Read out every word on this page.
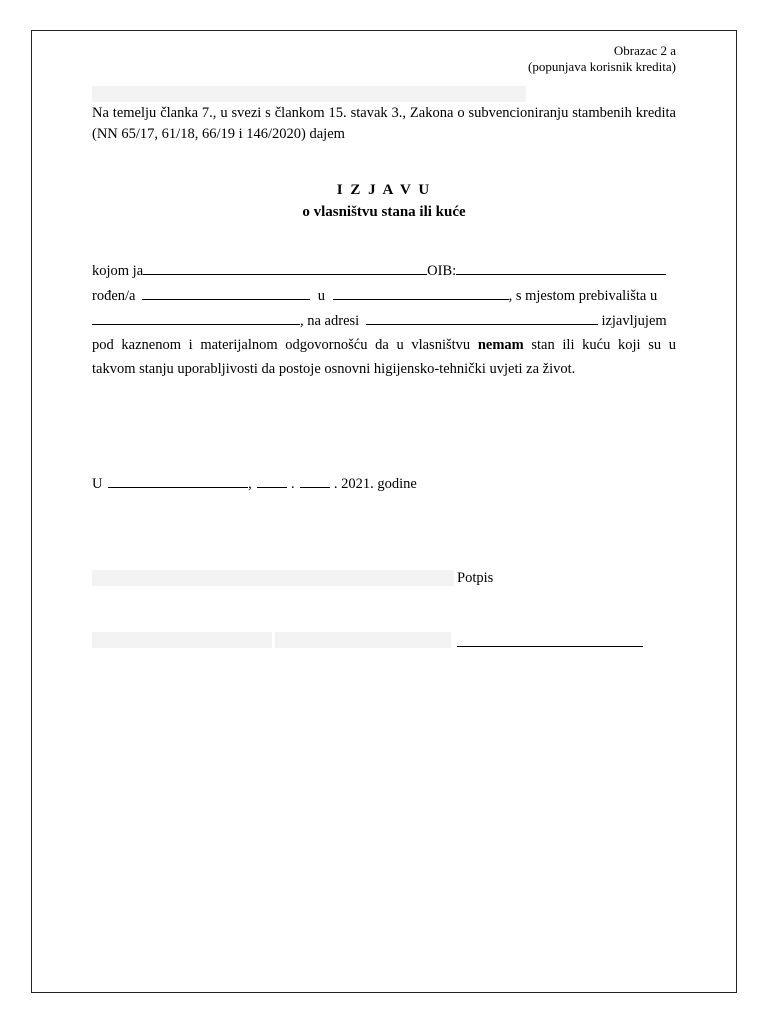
Obrazac 2 a
(popunjava korisnik kredita)
Na temelju članka 7., u svezi s člankom 15. stavak 3., Zakona o subvencioniranju stambenih kredita (NN 65/17, 61/18, 66/19 i 146/2020) dajem
I Z J A V U
o vlasništvu stana ili kuće
kojom ja	OIB:
rođen/a	u	, s mjestom prebivališta u
, na adresi	izjavljujem
pod kaznenom i materijalnom odgovornošću da u vlasništvu nemam stan ili kuću koji su u
takvom stanju uporabljivosti da postoje osnovni higijensko-tehnički uvjeti za život.
U	,	.	. 2021. godine
Potpis
